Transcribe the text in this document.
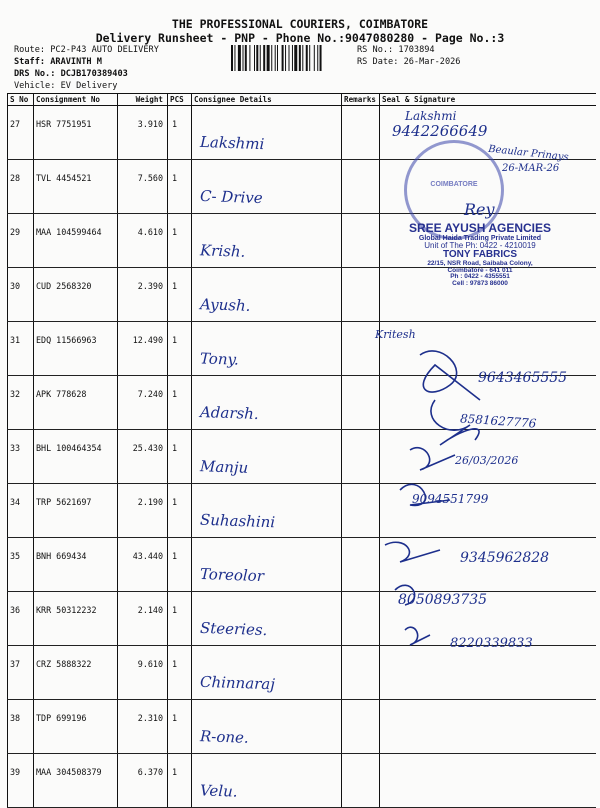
THE PROFESSIONAL COURIERS, COIMBATORE
Delivery Runsheet - PNP - Phone No.:9047080280 - Page No.:3
Route: PC2-P43 AUTO DELIVERY
Staff: ARAVINTH M
DRS No.: DCJB170389403
Vehicle: EV Delivery
RS No.: 1703894
RS Date: 26-Mar-2026
S No	Consignment No	Weight	PCS	Consignee Details	Remarks	Seal & Signature
27	HSR 7751951	3.910	1	Lakshmi		

28	TVL 4454521	7.560	1	C- Drive		

29	MAA 104599464	4.610	1	Krish.		

30	CUD 2568320	2.390	1	Ayush.		

31	EDQ 11566963	12.490	1	Tony.		

32	APK 778628	7.240	1	Adarsh.		

33	BHL 100464354	25.430	1	Manju		

34	TRP 5621697	2.190	1	Suhashini		

35	BNH 669434	43.440	1	Toreolor		

36	KRR 50312232	2.140	1	Steeries.		

37	CRZ 5888322	9.610	1	Chinnaraj		

38	TDP 699196	2.310	1	R-one.		

39	MAA 304508379	6.370	1	Velu.		

COIMBATORE
SREE AYUSH AGENCIES
Global Haida Trading Private Limited
Unit of The Ph: 0422 - 4210019
TONY FABRICS
22/15, NSR Road, Saibaba Colony,
Coimbatore - 641 011
Ph : 0422 - 4355551
Cell : 97873 86000
Lakshmi
9442266649
Beaular Prinays
26-MAR-26
Rey
Kritesh
9643465555
8581627776
26/03/2026
9094551799
9345962828
8050893735
8220339833
